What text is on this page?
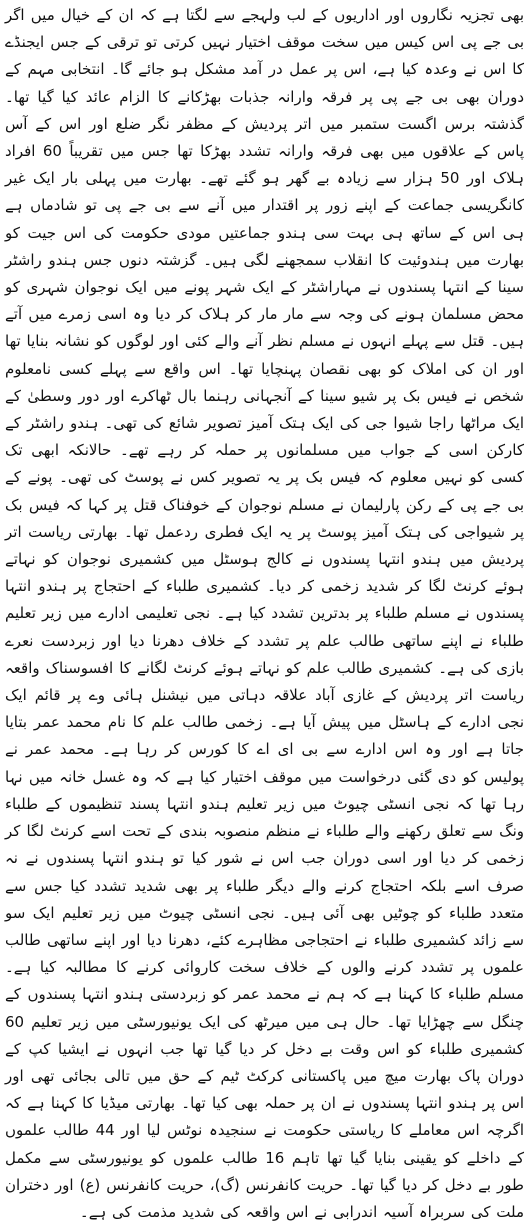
بھی تجزیہ نگاروں اور اداریوں کے لب ولہجے سے لگتا ہے کہ ان کے خیال میں اگر بی جے پی اس کیس میں سخت موقف اختیار نہیں کرتی تو ترقی کے جس ایجنڈے کا اس نے وعدہ کیا ہے، اس پر عمل در آمد مشکل ہو جائے گا۔ انتخابی مہم کے دوران بھی بی جے پی پر فرقہ وارانہ جذبات بھڑکانے کا الزام عائد کیا گیا تھا۔ گذشتہ برس اگست ستمبر میں اتر پردیش کے مظفر نگر ضلع اور اس کے آس پاس کے علاقوں میں بھی فرقہ وارانہ تشدد بھڑکا تھا جس میں تقریباً 60 افراد ہلاک اور 50 ہزار سے زیادہ بے گھر ہو گئے تھے۔ بھارت میں پہلی بار ایک غیر کانگریسی جماعت کے اپنے زور پر اقتدار میں آنے سے بی جے پی تو شادماں ہے ہی اس کے ساتھ ہی بہت سی ہندو جماعتیں مودی حکومت کی اس جیت کو بھارت میں ہندوئیت کا انقلاب سمجھنے لگی ہیں۔ گزشتہ دنوں جس ہندو راشٹر سینا کے انتہا پسندوں نے مہاراشٹر کے ایک شہر پونے میں ایک نوجوان شہری کو محض مسلمان ہونے کی وجہ سے مار مار کر ہلاک کر دیا وہ اسی زمرے میں آتے ہیں۔ قتل سے پہلے انہوں نے مسلم نظر آنے والے کئی اور لوگوں کو نشانہ بنایا تھا اور ان کی املاک کو بھی نقصان پہنچایا تھا۔ اس واقع سے پہلے کسی نامعلوم شخص نے فیس بک پر شیو سینا کے آنجہانی رہنما بال ٹھاکرے اور دور وسطیٰ کے ایک مراٹھا راجا شیوا جی کی ایک ہتک آمیز تصویر شائع کی تھی۔ ہندو راشٹر کے کارکن اسی کے جواب میں مسلمانوں پر حملہ کر رہے تھے۔ حالانکہ ابھی تک کسی کو نہیں معلوم کہ فیس بک پر یہ تصویر کس نے پوسٹ کی تھی۔ پونے کے بی جے پی کے رکن پارلیمان نے مسلم نوجوان کے خوفناک قتل پر کہا کہ فیس بک پر شیواجی کی ہتک آمیز پوسٹ پر یہ ایک فطری ردعمل تھا۔ بھارتی ریاست اتر پردیش میں ہندو انتہا پسندوں نے کالج ہوسٹل میں کشمیری نوجوان کو نہاتے ہوئے کرنٹ لگا کر شدید زخمی کر دیا۔ کشمیری طلباء کے احتجاج پر ہندو انتہا پسندوں نے مسلم طلباء پر بدترین تشدد کیا ہے۔ نجی تعلیمی ادارے میں زیر تعلیم طلباء نے اپنے ساتھی طالب علم پر تشدد کے خلاف دھرنا دیا اور زبردست نعرے بازی کی ہے۔ کشمیری طالب علم کو نہاتے ہوئے کرنٹ لگانے کا افسوسناک واقعہ ریاست اتر پردیش کے غازی آباد علاقہ دہاتی میں نیشنل ہائی وے پر قائم ایک نجی ادارے کے ہاسٹل میں پیش آیا ہے۔ زخمی طالب علم کا نام محمد عمر بتایا جاتا ہے اور وہ اس ادارے سے بی ای اے کا کورس کر رہا ہے۔ محمد عمر نے پولیس کو دی گئی درخواست میں موقف اختیار کیا ہے کہ وہ غسل خانہ میں نہا رہا تھا کہ نجی انسٹی چیوٹ میں زیر تعلیم ہندو انتہا پسند تنظیموں کے طلباء ونگ سے تعلق رکھنے والے طلباء نے منظم منصوبہ بندی کے تحت اسے کرنٹ لگا کر زخمی کر دیا اور اسی دوران جب اس نے شور کیا تو ہندو انتہا پسندوں نے نہ صرف اسے بلکہ احتجاج کرنے والے دیگر طلباء پر بھی شدید تشدد کیا جس سے متعدد طلباء کو چوٹیں بھی آئی ہیں۔ نجی انسٹی چیوٹ میں زیر تعلیم ایک سو سے زائد کشمیری طلباء نے احتجاجی مظاہرے کئے، دھرنا دیا اور اپنے ساتھی طالب علموں پر تشدد کرنے والوں کے خلاف سخت کاروائی کرنے کا مطالبہ کیا ہے۔ مسلم طلباء کا کہنا ہے کہ ہم نے محمد عمر کو زبردستی ہندو انتہا پسندوں کے چنگل سے چھڑایا تھا۔ حال ہی میں میرٹھ کی ایک یونیورسٹی میں زیر تعلیم 60 کشمیری طلباء کو اس وقت بے دخل کر دیا گیا تھا جب انہوں نے ایشیا کپ کے دوران پاک بھارت میچ میں پاکستانی کرکٹ ٹیم کے حق میں تالی بجائی تھی اور اس پر ہندو انتہا پسندوں نے ان پر حملہ بھی کیا تھا۔ بھارتی میڈیا کا کہنا ہے کہ اگرچہ اس معاملے کا ریاستی حکومت نے سنجیدہ نوٹس لیا اور 44 طالب علموں کے داخلے کو یقینی بنایا گیا تھا تاہم 16 طالب علموں کو یونیورسٹی سے مکمل طور بے دخل کر دیا گیا تھا۔ حریت کانفرنس (گ)، حریت کانفرنس (ع) اور دختران ملت کی سربراہ آسیہ اندرابی نے اس واقعہ کی شدید مذمت کی ہے۔
